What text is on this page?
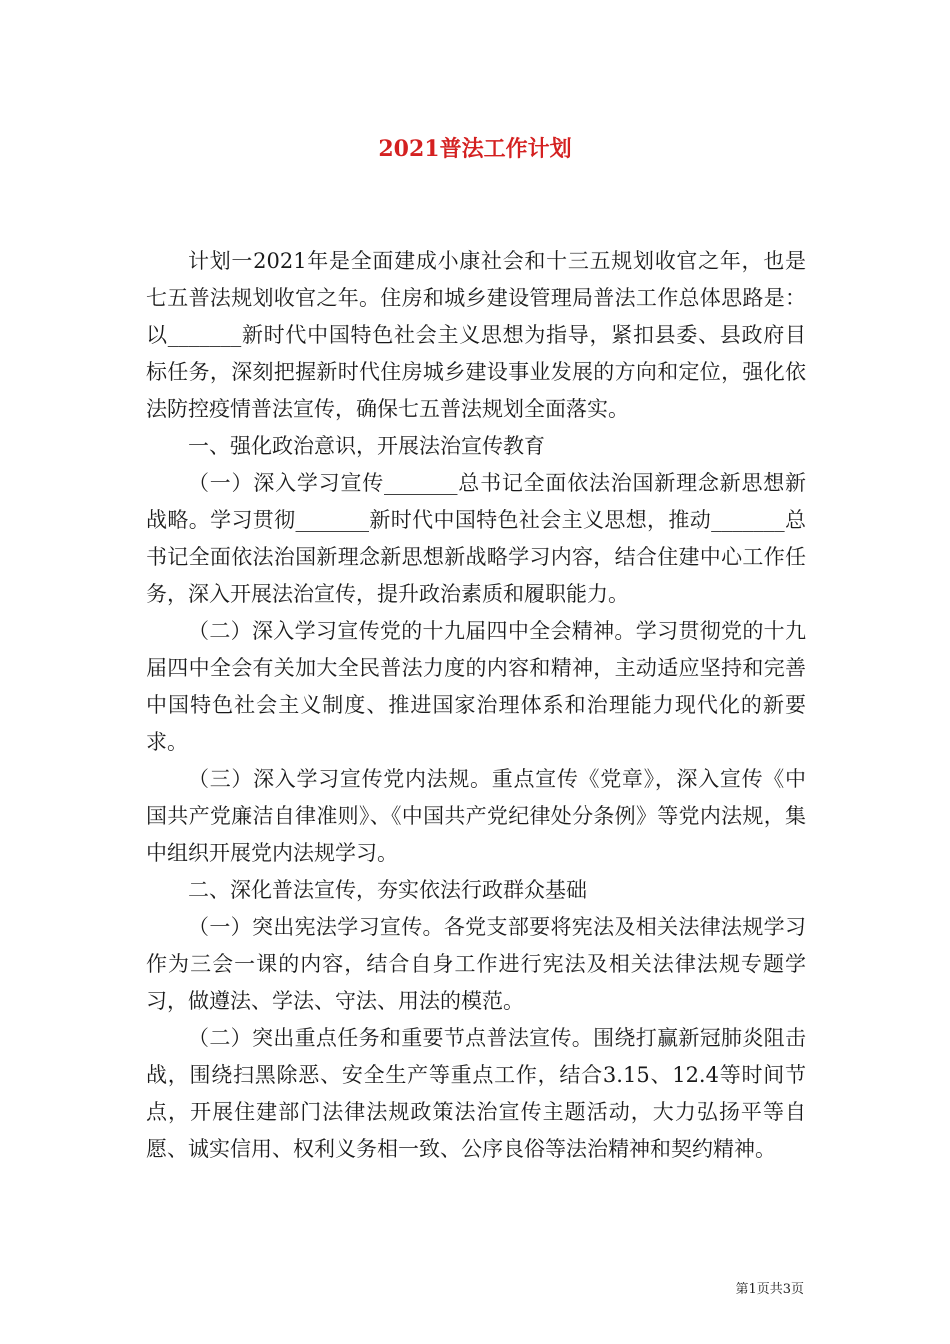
2021普法工作计划

计划一2021年是全面建成小康社会和十三五规划收官之年，也是七五普法规划收官之年。住房和城乡建设管理局普法工作总体思路是：以_______新时代中国特色社会主义思想为指导，紧扣县委、县政府目标任务，深刻把握新时代住房城乡建设事业发展的方向和定位，强化依法防控疫情普法宣传，确保七五普法规划全面落实。

一、强化政治意识，开展法治宣传教育

（一）深入学习宣传_______总书记全面依法治国新理念新思想新战略。学习贯彻_______新时代中国特色社会主义思想，推动_______总书记全面依法治国新理念新思想新战略学习内容，结合住建中心工作任务，深入开展法治宣传，提升政治素质和履职能力。

（二）深入学习宣传党的十九届四中全会精神。学习贯彻党的十九届四中全会有关加大全民普法力度的内容和精神，主动适应坚持和完善中国特色社会主义制度、推进国家治理体系和治理能力现代化的新要求。

（三）深入学习宣传党内法规。重点宣传《党章》，深入宣传《中国共产党廉洁自律准则》、《中国共产党纪律处分条例》等党内法规，集中组织开展党内法规学习。

二、深化普法宣传，夯实依法行政群众基础

（一）突出宪法学习宣传。各党支部要将宪法及相关法律法规学习作为三会一课的内容，结合自身工作进行宪法及相关法律法规专题学习，做遵法、学法、守法、用法的模范。

（二）突出重点任务和重要节点普法宣传。围绕打赢新冠肺炎阻击战，围绕扫黑除恶、安全生产等重点工作，结合3.15、12.4等时间节点，开展住建部门法律法规政策法治宣传主题活动，大力弘扬平等自愿、诚实信用、权利义务相一致、公序良俗等法治精神和契约精神。

第1页共3页
